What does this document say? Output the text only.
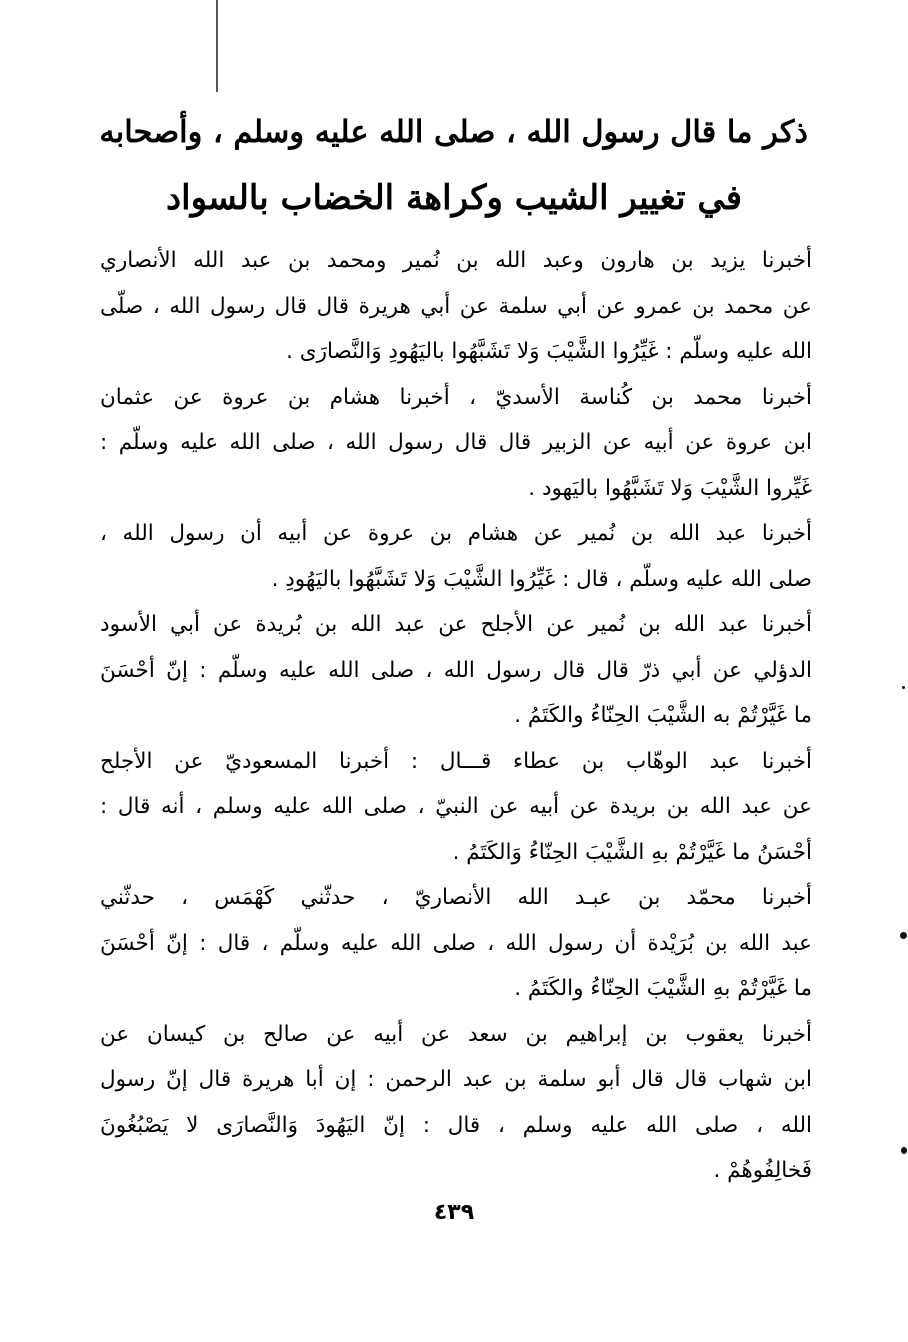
ذكر ما قال رسول الله ، صلى الله عليه وسلم ، وأصحابه
في تغيير الشيب وكراهة الخضاب بالسواد
أخبرنا يزيد بن هارون وعبد الله بن نُمير ومحمد بن عبد الله الأنصاري
عن محمد بن عمرو عن أبي سلمة عن أبي هريرة قال قال رسول الله ، صلّى
الله عليه وسلّم : غَيِّرُوا الشَّيْبَ وَلا تَشَبَّهُوا باليَهُودِ وَالنَّصارَى .
أخبرنا محمد بن كُناسة الأسديّ ، أخبرنا هشام بن عروة عن عثمان
ابن عروة عن أبيه عن الزبير قال قال رسول الله ، صلى الله عليه وسلّم :
غَيِّروا الشَّيْبَ وَلا تَشَبَّهُوا باليَهود .
أخبرنا عبد الله بن نُمير عن هشام بن عروة عن أبيه أن رسول الله ،
صلى الله عليه وسلّم ، قال : غَيِّرُوا الشَّيْبَ وَلا تَشَبَّهُوا باليَهُودِ .
أخبرنا عبد الله بن نُمير عن الأجلح عن عبد الله بن بُريدة عن أبي الأسود
الدؤلي عن أبي ذرّ قال قال رسول الله ، صلى الله عليه وسلّم : إنّ أحْسَنَ
ما غَيَّرْتُمْ به الشَّيْبَ الحِنّاءُ والكَتَمُ .
أخبرنا عبد الوهّاب بن عطاء قـــال : أخبرنا المسعوديّ عن الأجلح
عن عبد الله بن بريدة عن أبيه عن النبيّ ، صلى الله عليه وسلم ، أنه قال :
أحْسَنُ ما غَيَّرْتُمْ بهِ الشَّيْبَ الحِنّاءُ وَالكَتَمُ .
أخبرنا محمّد بن عبـد الله الأنصاريّ ، حدثّني كَهْمَس ، حدثّني
عبد الله بن بُرَيْدة أن رسول الله ، صلى الله عليه وسلّم ، قال : إنّ أحْسَنَ
ما غَيَّرْتُمْ بهِ الشَّيْبَ الحِنّاءُ والكَتَمُ .
أخبرنا يعقوب بن إبراهيم بن سعد عن أبيه عن صالح بن كيسان عن
ابن شهاب قال قال أبو سلمة بن عبد الرحمن : إن أبا هريرة قال إنّ رسول
الله ، صلى الله عليه وسلم ، قال : إنّ اليَهُودَ وَالنَّصارَى لا يَصْبُغُونَ
فَخالِفُوهُمْ .
٤٣٩
